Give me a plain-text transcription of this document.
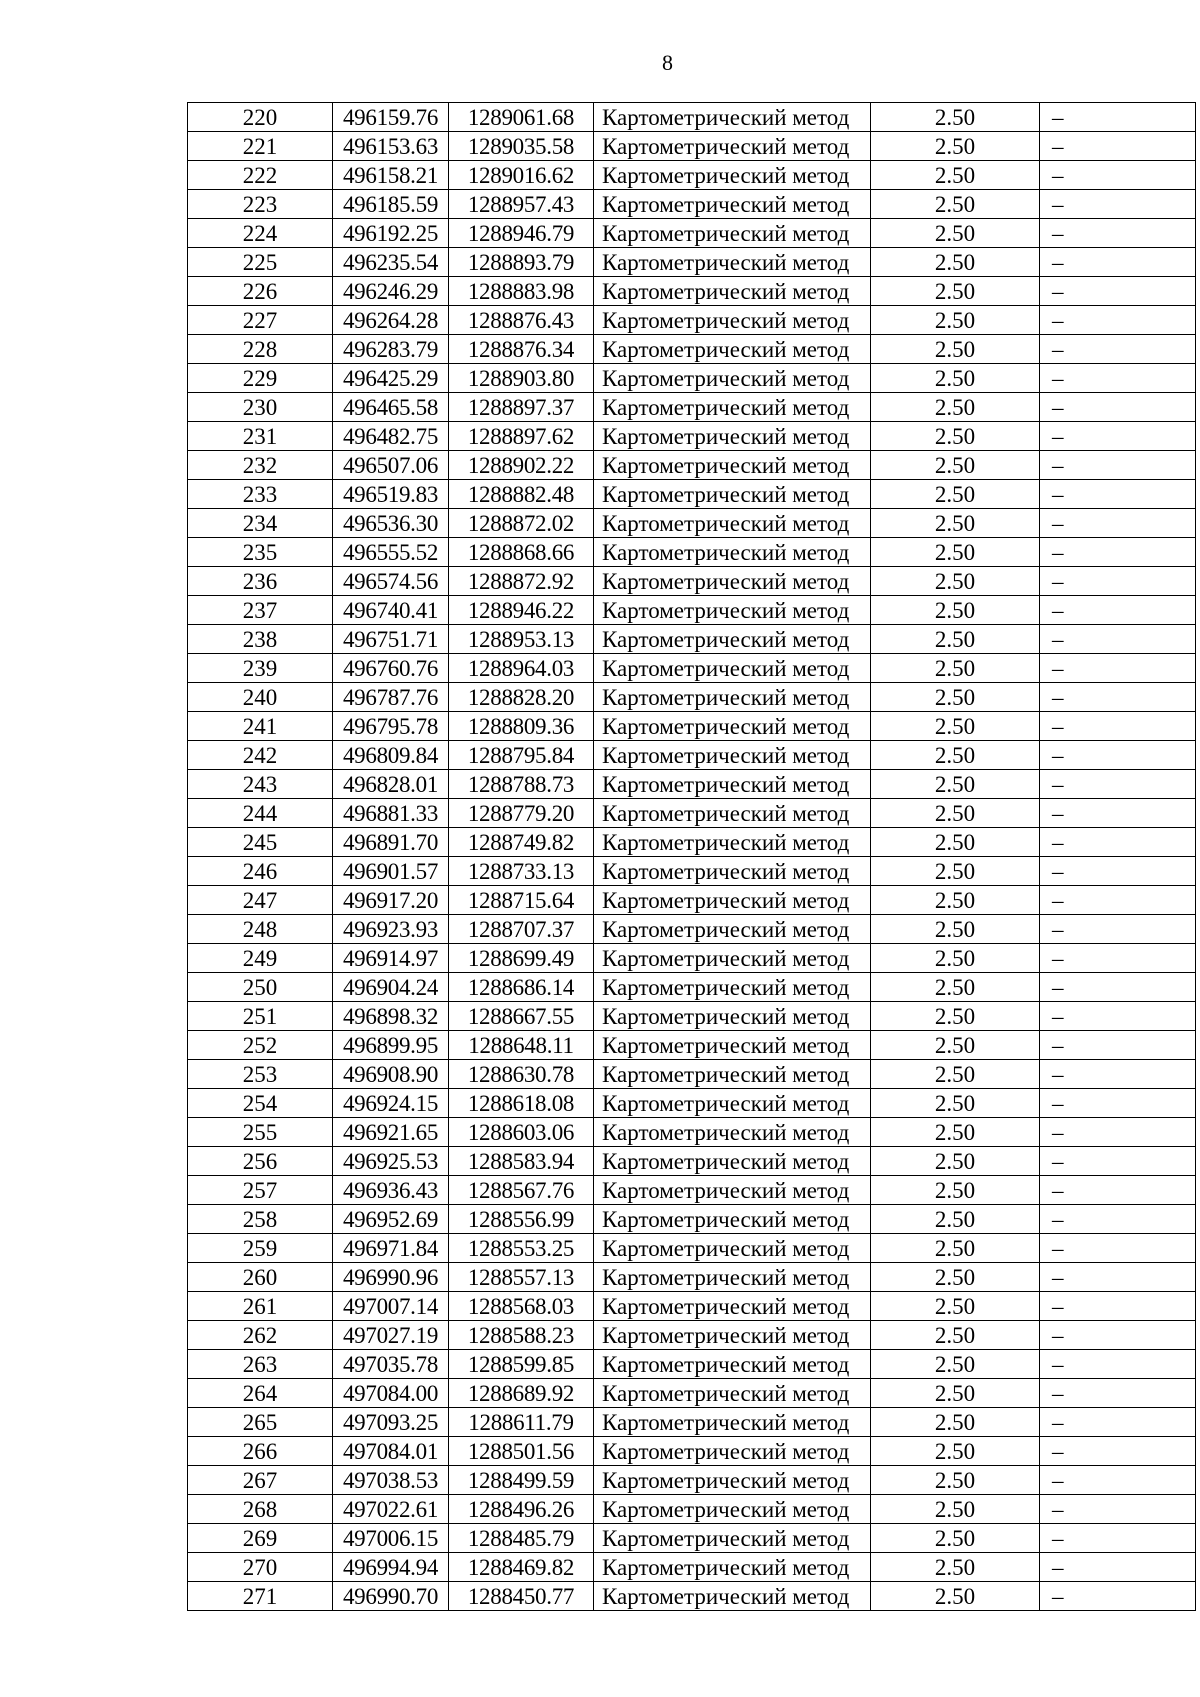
8
220	496159.76	1289061.68	Картометрический метод	2.50	–
221	496153.63	1289035.58	Картометрический метод	2.50	–
222	496158.21	1289016.62	Картометрический метод	2.50	–
223	496185.59	1288957.43	Картометрический метод	2.50	–
224	496192.25	1288946.79	Картометрический метод	2.50	–
225	496235.54	1288893.79	Картометрический метод	2.50	–
226	496246.29	1288883.98	Картометрический метод	2.50	–
227	496264.28	1288876.43	Картометрический метод	2.50	–
228	496283.79	1288876.34	Картометрический метод	2.50	–
229	496425.29	1288903.80	Картометрический метод	2.50	–
230	496465.58	1288897.37	Картометрический метод	2.50	–
231	496482.75	1288897.62	Картометрический метод	2.50	–
232	496507.06	1288902.22	Картометрический метод	2.50	–
233	496519.83	1288882.48	Картометрический метод	2.50	–
234	496536.30	1288872.02	Картометрический метод	2.50	–
235	496555.52	1288868.66	Картометрический метод	2.50	–
236	496574.56	1288872.92	Картометрический метод	2.50	–
237	496740.41	1288946.22	Картометрический метод	2.50	–
238	496751.71	1288953.13	Картометрический метод	2.50	–
239	496760.76	1288964.03	Картометрический метод	2.50	–
240	496787.76	1288828.20	Картометрический метод	2.50	–
241	496795.78	1288809.36	Картометрический метод	2.50	–
242	496809.84	1288795.84	Картометрический метод	2.50	–
243	496828.01	1288788.73	Картометрический метод	2.50	–
244	496881.33	1288779.20	Картометрический метод	2.50	–
245	496891.70	1288749.82	Картометрический метод	2.50	–
246	496901.57	1288733.13	Картометрический метод	2.50	–
247	496917.20	1288715.64	Картометрический метод	2.50	–
248	496923.93	1288707.37	Картометрический метод	2.50	–
249	496914.97	1288699.49	Картометрический метод	2.50	–
250	496904.24	1288686.14	Картометрический метод	2.50	–
251	496898.32	1288667.55	Картометрический метод	2.50	–
252	496899.95	1288648.11	Картометрический метод	2.50	–
253	496908.90	1288630.78	Картометрический метод	2.50	–
254	496924.15	1288618.08	Картометрический метод	2.50	–
255	496921.65	1288603.06	Картометрический метод	2.50	–
256	496925.53	1288583.94	Картометрический метод	2.50	–
257	496936.43	1288567.76	Картометрический метод	2.50	–
258	496952.69	1288556.99	Картометрический метод	2.50	–
259	496971.84	1288553.25	Картометрический метод	2.50	–
260	496990.96	1288557.13	Картометрический метод	2.50	–
261	497007.14	1288568.03	Картометрический метод	2.50	–
262	497027.19	1288588.23	Картометрический метод	2.50	–
263	497035.78	1288599.85	Картометрический метод	2.50	–
264	497084.00	1288689.92	Картометрический метод	2.50	–
265	497093.25	1288611.79	Картометрический метод	2.50	–
266	497084.01	1288501.56	Картометрический метод	2.50	–
267	497038.53	1288499.59	Картометрический метод	2.50	–
268	497022.61	1288496.26	Картометрический метод	2.50	–
269	497006.15	1288485.79	Картометрический метод	2.50	–
270	496994.94	1288469.82	Картометрический метод	2.50	–
271	496990.70	1288450.77	Картометрический метод	2.50	–
